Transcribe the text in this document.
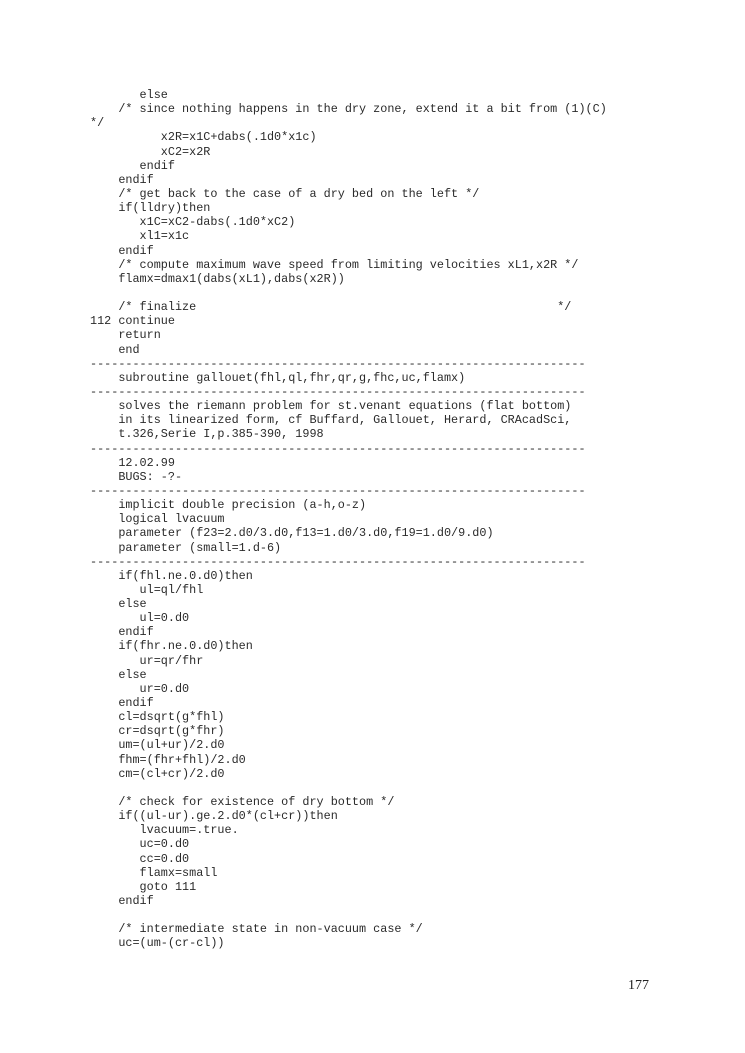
else
/* since nothing happens in the dry zone, extend it a bit from (1)(C)
*/
x2R=x1C+dabs(.1d0*x1c)
xC2=x2R
endif
endif
/* get back to the case of a dry bed on the left */
if(lldry)then
x1C=xC2-dabs(.1d0*xC2)
xl1=x1c
endif
/* compute maximum wave speed from limiting velocities xL1,x2R */
flamx=dmax1(dabs(xL1),dabs(x2R))
/* finalize                                                   */
112 continue
return
end
----------------------------------------------------------------------
subroutine gallouet(fhl,ql,fhr,qr,g,fhc,uc,flamx)
----------------------------------------------------------------------
solves the riemann problem for st.venant equations (flat bottom)
in its linearized form, cf Buffard, Gallouet, Herard, CRAcadSci,
t.326,Serie I,p.385-390, 1998
----------------------------------------------------------------------
12.02.99
BUGS: -?-
----------------------------------------------------------------------
implicit double precision (a-h,o-z)
logical lvacuum
parameter (f23=2.d0/3.d0,f13=1.d0/3.d0,f19=1.d0/9.d0)
parameter (small=1.d-6)
----------------------------------------------------------------------
if(fhl.ne.0.d0)then
ul=ql/fhl
else
ul=0.d0
endif
if(fhr.ne.0.d0)then
ur=qr/fhr
else
ur=0.d0
endif
cl=dsqrt(g*fhl)
cr=dsqrt(g*fhr)
um=(ul+ur)/2.d0
fhm=(fhr+fhl)/2.d0
cm=(cl+cr)/2.d0
/* check for existence of dry bottom */
if((ul-ur).ge.2.d0*(cl+cr))then
lvacuum=.true.
uc=0.d0
cc=0.d0
flamx=small
goto 111
endif
/* intermediate state in non-vacuum case */
uc=(um-(cr-cl))
177
